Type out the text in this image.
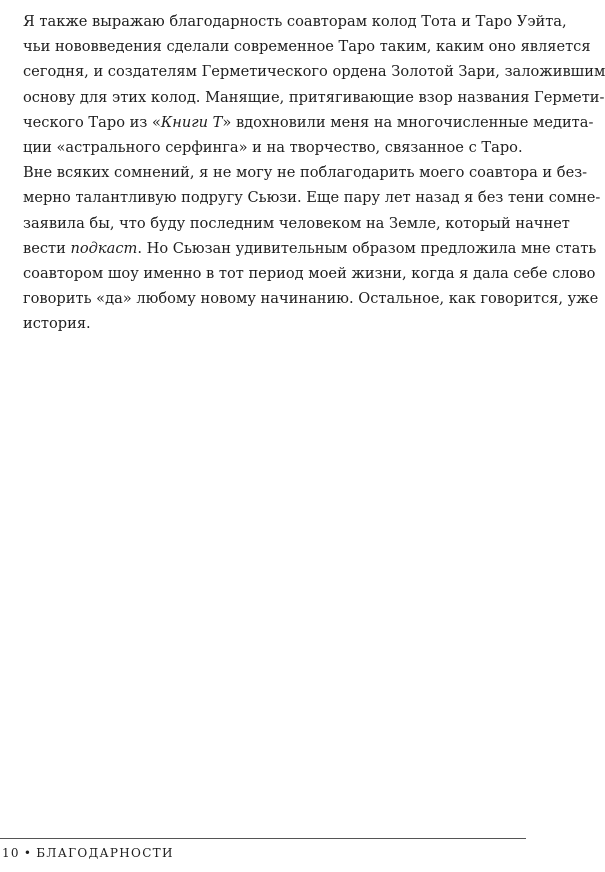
Я также выражаю благодарность соавторам колод Тота и Таро Уэйта,
чьи нововведения сделали современное Таро таким, каким оно является
сегодня, и создателям Герметического ордена Золотой Зари, заложившим
основу для этих колод. Манящие, притягивающие взор названия Гермети-
ческого Таро из «Книги Т» вдохновили меня на многочисленные медита-
ции «астрального серфинга» и на творчество, связанное с Таро.

Вне всяких сомнений, я не могу не поблагодарить моего соавтора и без-
мерно талантливую подругу Сьюзи. Еще пару лет назад я без тени сомне-
заявила бы, что буду последним человеком на Земле, который начнет
вести подкаст. Но Сьюзан удивительным образом предложила мне стать
соавтором шоу именно в тот период моей жизни, когда я дала себе слово
говорить «да» любому новому начинанию. Остальное, как говорится, уже
история.

10 • БЛАГОДАРНОСТИ
